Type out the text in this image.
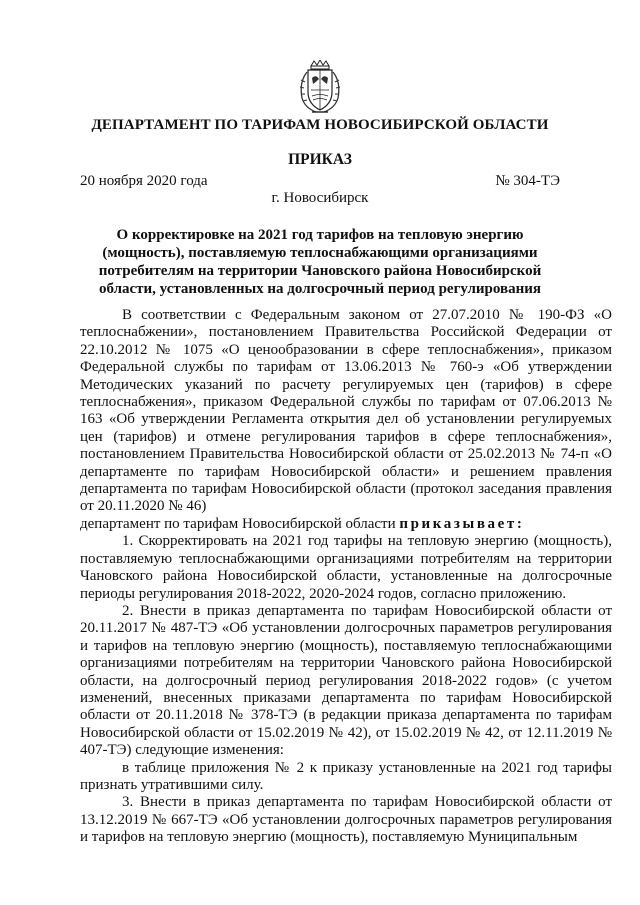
ДЕПАРТАМЕНТ ПО ТАРИФАМ НОВОСИБИРСКОЙ ОБЛАСТИ
ПРИКАЗ
20 ноября 2020 года	№ 304-ТЭ
г. Новосибирск
О корректировке на 2021 год тарифов на тепловую энергию (мощность), поставляемую теплоснабжающими организациями потребителям на территории Чановского района Новосибирской области, установленных на долгосрочный период регулирования

В соответствии с Федеральным законом от 27.07.2010 № 190-ФЗ «О теплоснабжении», постановлением Правительства Российской Федерации от 22.10.2012 № 1075 «О ценообразовании в сфере теплоснабжения», приказом Федеральной службы по тарифам от 13.06.2013 № 760-э «Об утверждении Методических указаний по расчету регулируемых цен (тарифов) в сфере теплоснабжения», приказом Федеральной службы по тарифам от 07.06.2013 № 163 «Об утверждении Регламента открытия дел об установлении регулируемых цен (тарифов) и отмене регулирования тарифов в сфере теплоснабжения», постановлением Правительства Новосибирской области от 25.02.2013 № 74-п «О департаменте по тарифам Новосибирской области» и решением правления департамента по тарифам Новосибирской области (протокол заседания правления от 20.11.2020 № 46)

департамент по тарифам Новосибирской области приказывает:

1. Скорректировать на 2021 год тарифы на тепловую энергию (мощность), поставляемую теплоснабжающими организациями потребителям на территории Чановского района Новосибирской области, установленные на долгосрочные периоды регулирования 2018-2022, 2020-2024 годов, согласно приложению.

2. Внести в приказ департамента по тарифам Новосибирской области от 20.11.2017 № 487-ТЭ «Об установлении долгосрочных параметров регулирования и тарифов на тепловую энергию (мощность), поставляемую теплоснабжающими организациями потребителям на территории Чановского района Новосибирской области, на долгосрочный период регулирования 2018-2022 годов» (с учетом изменений, внесенных приказами департамента по тарифам Новосибирской области от 20.11.2018 № 378-ТЭ (в редакции приказа департамента по тарифам Новосибирской области от 15.02.2019 № 42), от 15.02.2019 № 42, от 12.11.2019 № 407-ТЭ) следующие изменения:

в таблице приложения № 2 к приказу установленные на 2021 год тарифы признать утратившими силу.

3. Внести в приказ департамента по тарифам Новосибирской области от 13.12.2019 № 667-ТЭ «Об установлении долгосрочных параметров регулирования и тарифов на тепловую энергию (мощность), поставляемую Муниципальным
